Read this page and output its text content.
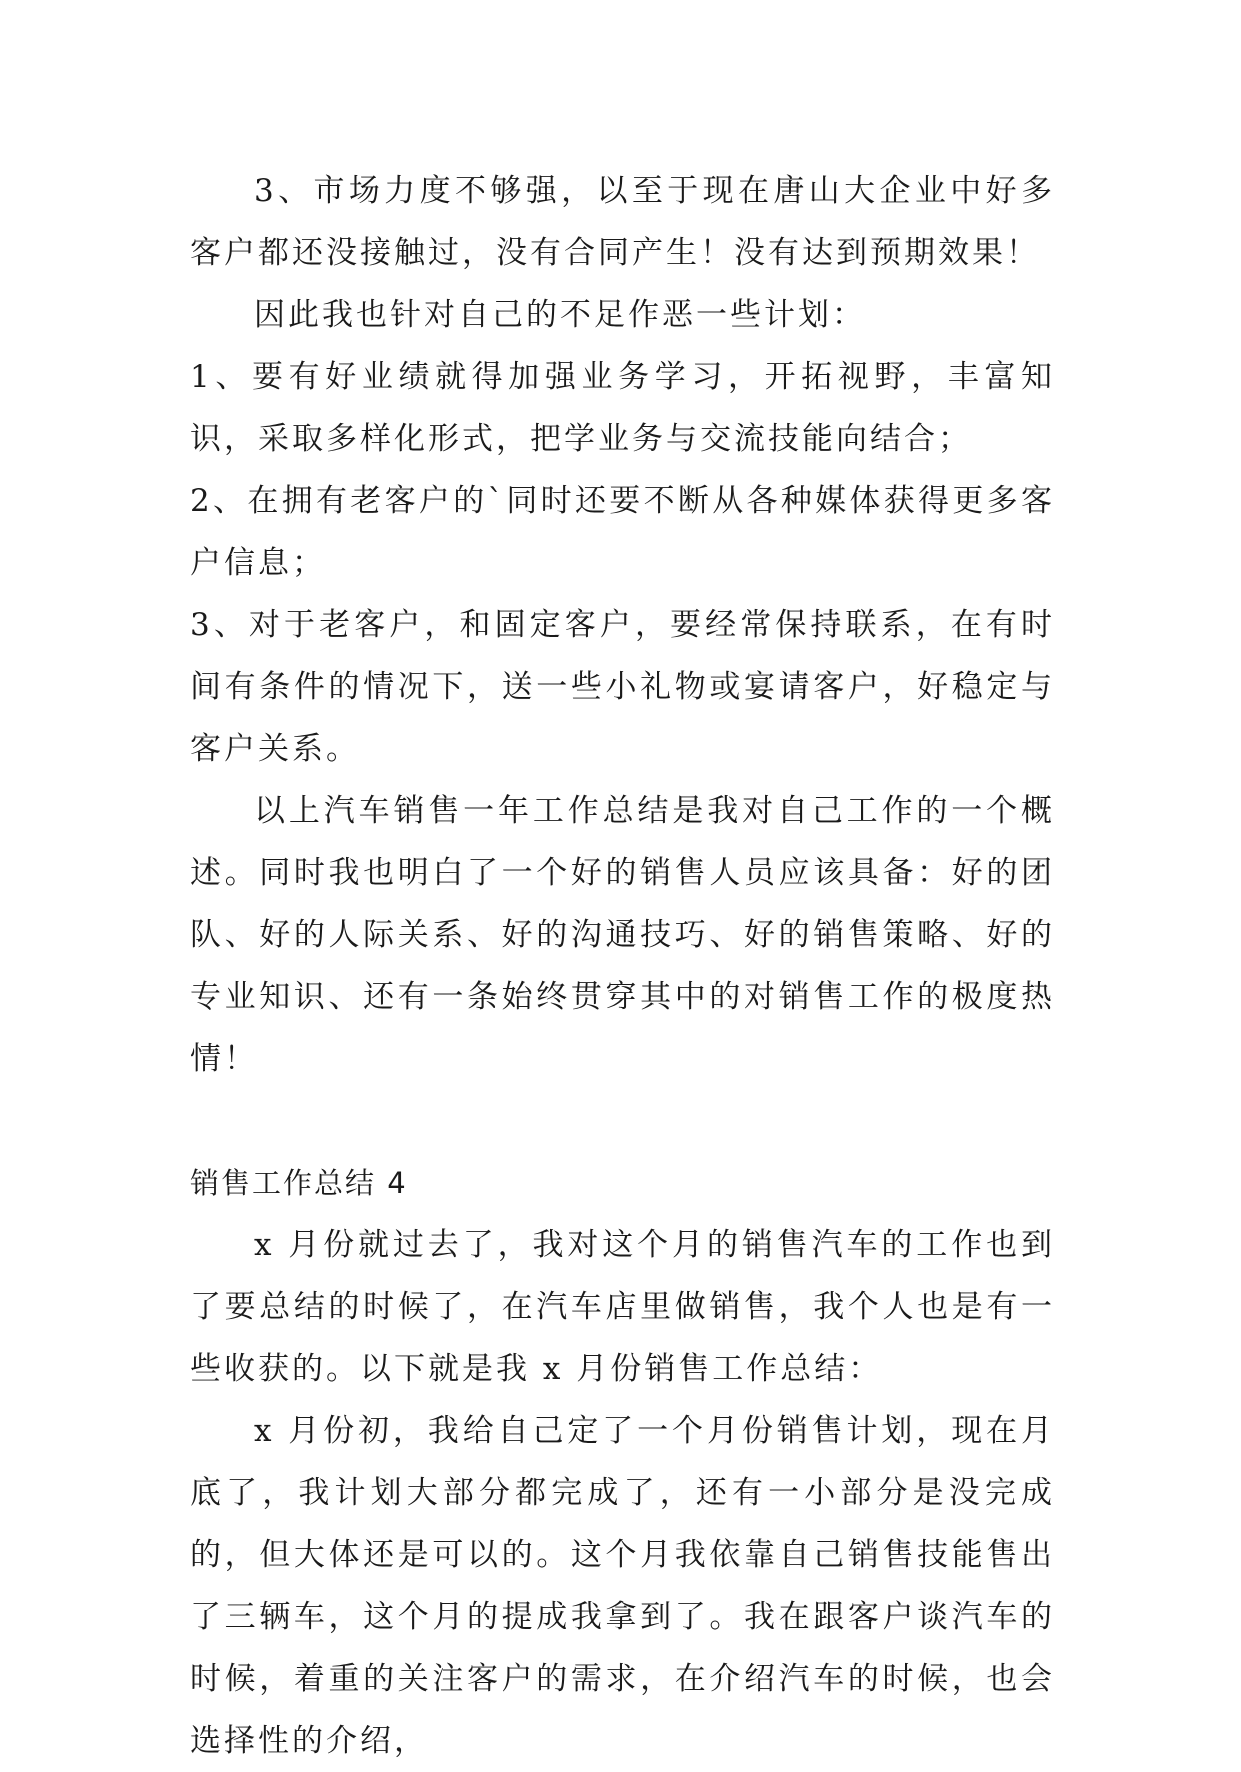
3、市场力度不够强，以至于现在唐山大企业中好多客户都还没接触过，没有合同产生！没有达到预期效果！

因此我也针对自己的不足作恶一些计划：

1、要有好业绩就得加强业务学习，开拓视野，丰富知识，采取多样化形式，把学业务与交流技能向结合；

2、在拥有老客户的`同时还要不断从各种媒体获得更多客户信息；

3、对于老客户，和固定客户，要经常保持联系，在有时间有条件的情况下，送一些小礼物或宴请客户，好稳定与客户关系。

以上汽车销售一年工作总结是我对自己工作的一个概述。同时我也明白了一个好的销售人员应该具备：好的团队、好的人际关系、好的沟通技巧、好的销售策略、好的专业知识、还有一条始终贯穿其中的对销售工作的极度热情！

销售工作总结 4

x 月份就过去了，我对这个月的销售汽车的工作也到了要总结的时候了，在汽车店里做销售，我个人也是有一些收获的。以下就是我 x 月份销售工作总结：

x 月份初，我给自己定了一个月份销售计划，现在月底了，我计划大部分都完成了，还有一小部分是没完成的，但大体还是可以的。这个月我依靠自己销售技能售出了三辆车，这个月的提成我拿到了。我在跟客户谈汽车的时候，着重的关注客户的需求，在介绍汽车的时候，也会选择性的介绍，
